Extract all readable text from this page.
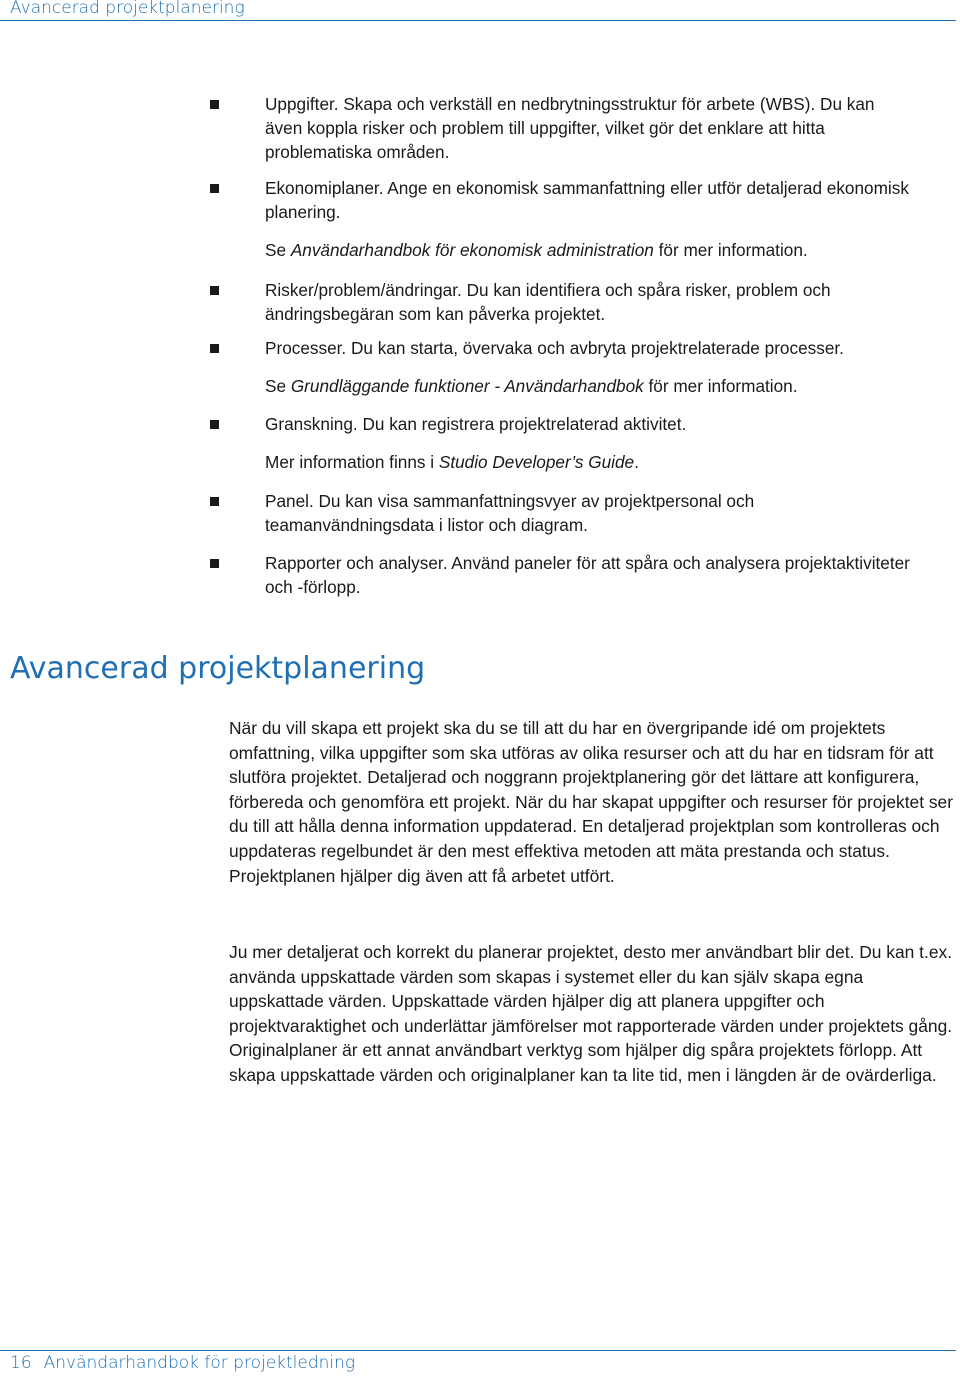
Avancerad projektplanering
Uppgifter. Skapa och verkställ en nedbrytningsstruktur för arbete (WBS). Du kan även koppla risker och problem till uppgifter, vilket gör det enklare att hitta problematiska områden.
Ekonomiplaner. Ange en ekonomisk sammanfattning eller utför detaljerad ekonomisk planering.
Se Användarhandbok för ekonomisk administration för mer information.
Risker/problem/ändringar. Du kan identifiera och spåra risker, problem och ändringsbegäran som kan påverka projektet.
Processer. Du kan starta, övervaka och avbryta projektrelaterade processer.
Se Grundläggande funktioner - Användarhandbok för mer information.
Granskning. Du kan registrera projektrelaterad aktivitet.
Mer information finns i Studio Developer’s Guide.
Panel. Du kan visa sammanfattningsvyer av projektpersonal och teamanvändningsdata i listor och diagram.
Rapporter och analyser. Använd paneler för att spåra och analysera projektaktiviteter och -förlopp.
Avancerad projektplanering

När du vill skapa ett projekt ska du se till att du har en övergripande idé om projektets omfattning, vilka uppgifter som ska utföras av olika resurser och att du har en tidsram för att slutföra projektet. Detaljerad och noggrann projektplanering gör det lättare att konfigurera, förbereda och genomföra ett projekt. När du har skapat uppgifter och resurser för projektet ser du till att hålla denna information uppdaterad. En detaljerad projektplan som kontrolleras och uppdateras regelbundet är den mest effektiva metoden att mäta prestanda och status. Projektplanen hjälper dig även att få arbetet utfört.

Ju mer detaljerat och korrekt du planerar projektet, desto mer användbart blir det. Du kan t.ex. använda uppskattade värden som skapas i systemet eller du kan själv skapa egna uppskattade värden. Uppskattade värden hjälper dig att planera uppgifter och projektvaraktighet och underlättar jämförelser mot rapporterade värden under projektets gång. Originalplaner är ett annat användbart verktyg som hjälper dig spåra projektets förlopp. Att skapa uppskattade värden och originalplaner kan ta lite tid, men i längden är de ovärderliga.

16 Användarhandbok för projektledning
